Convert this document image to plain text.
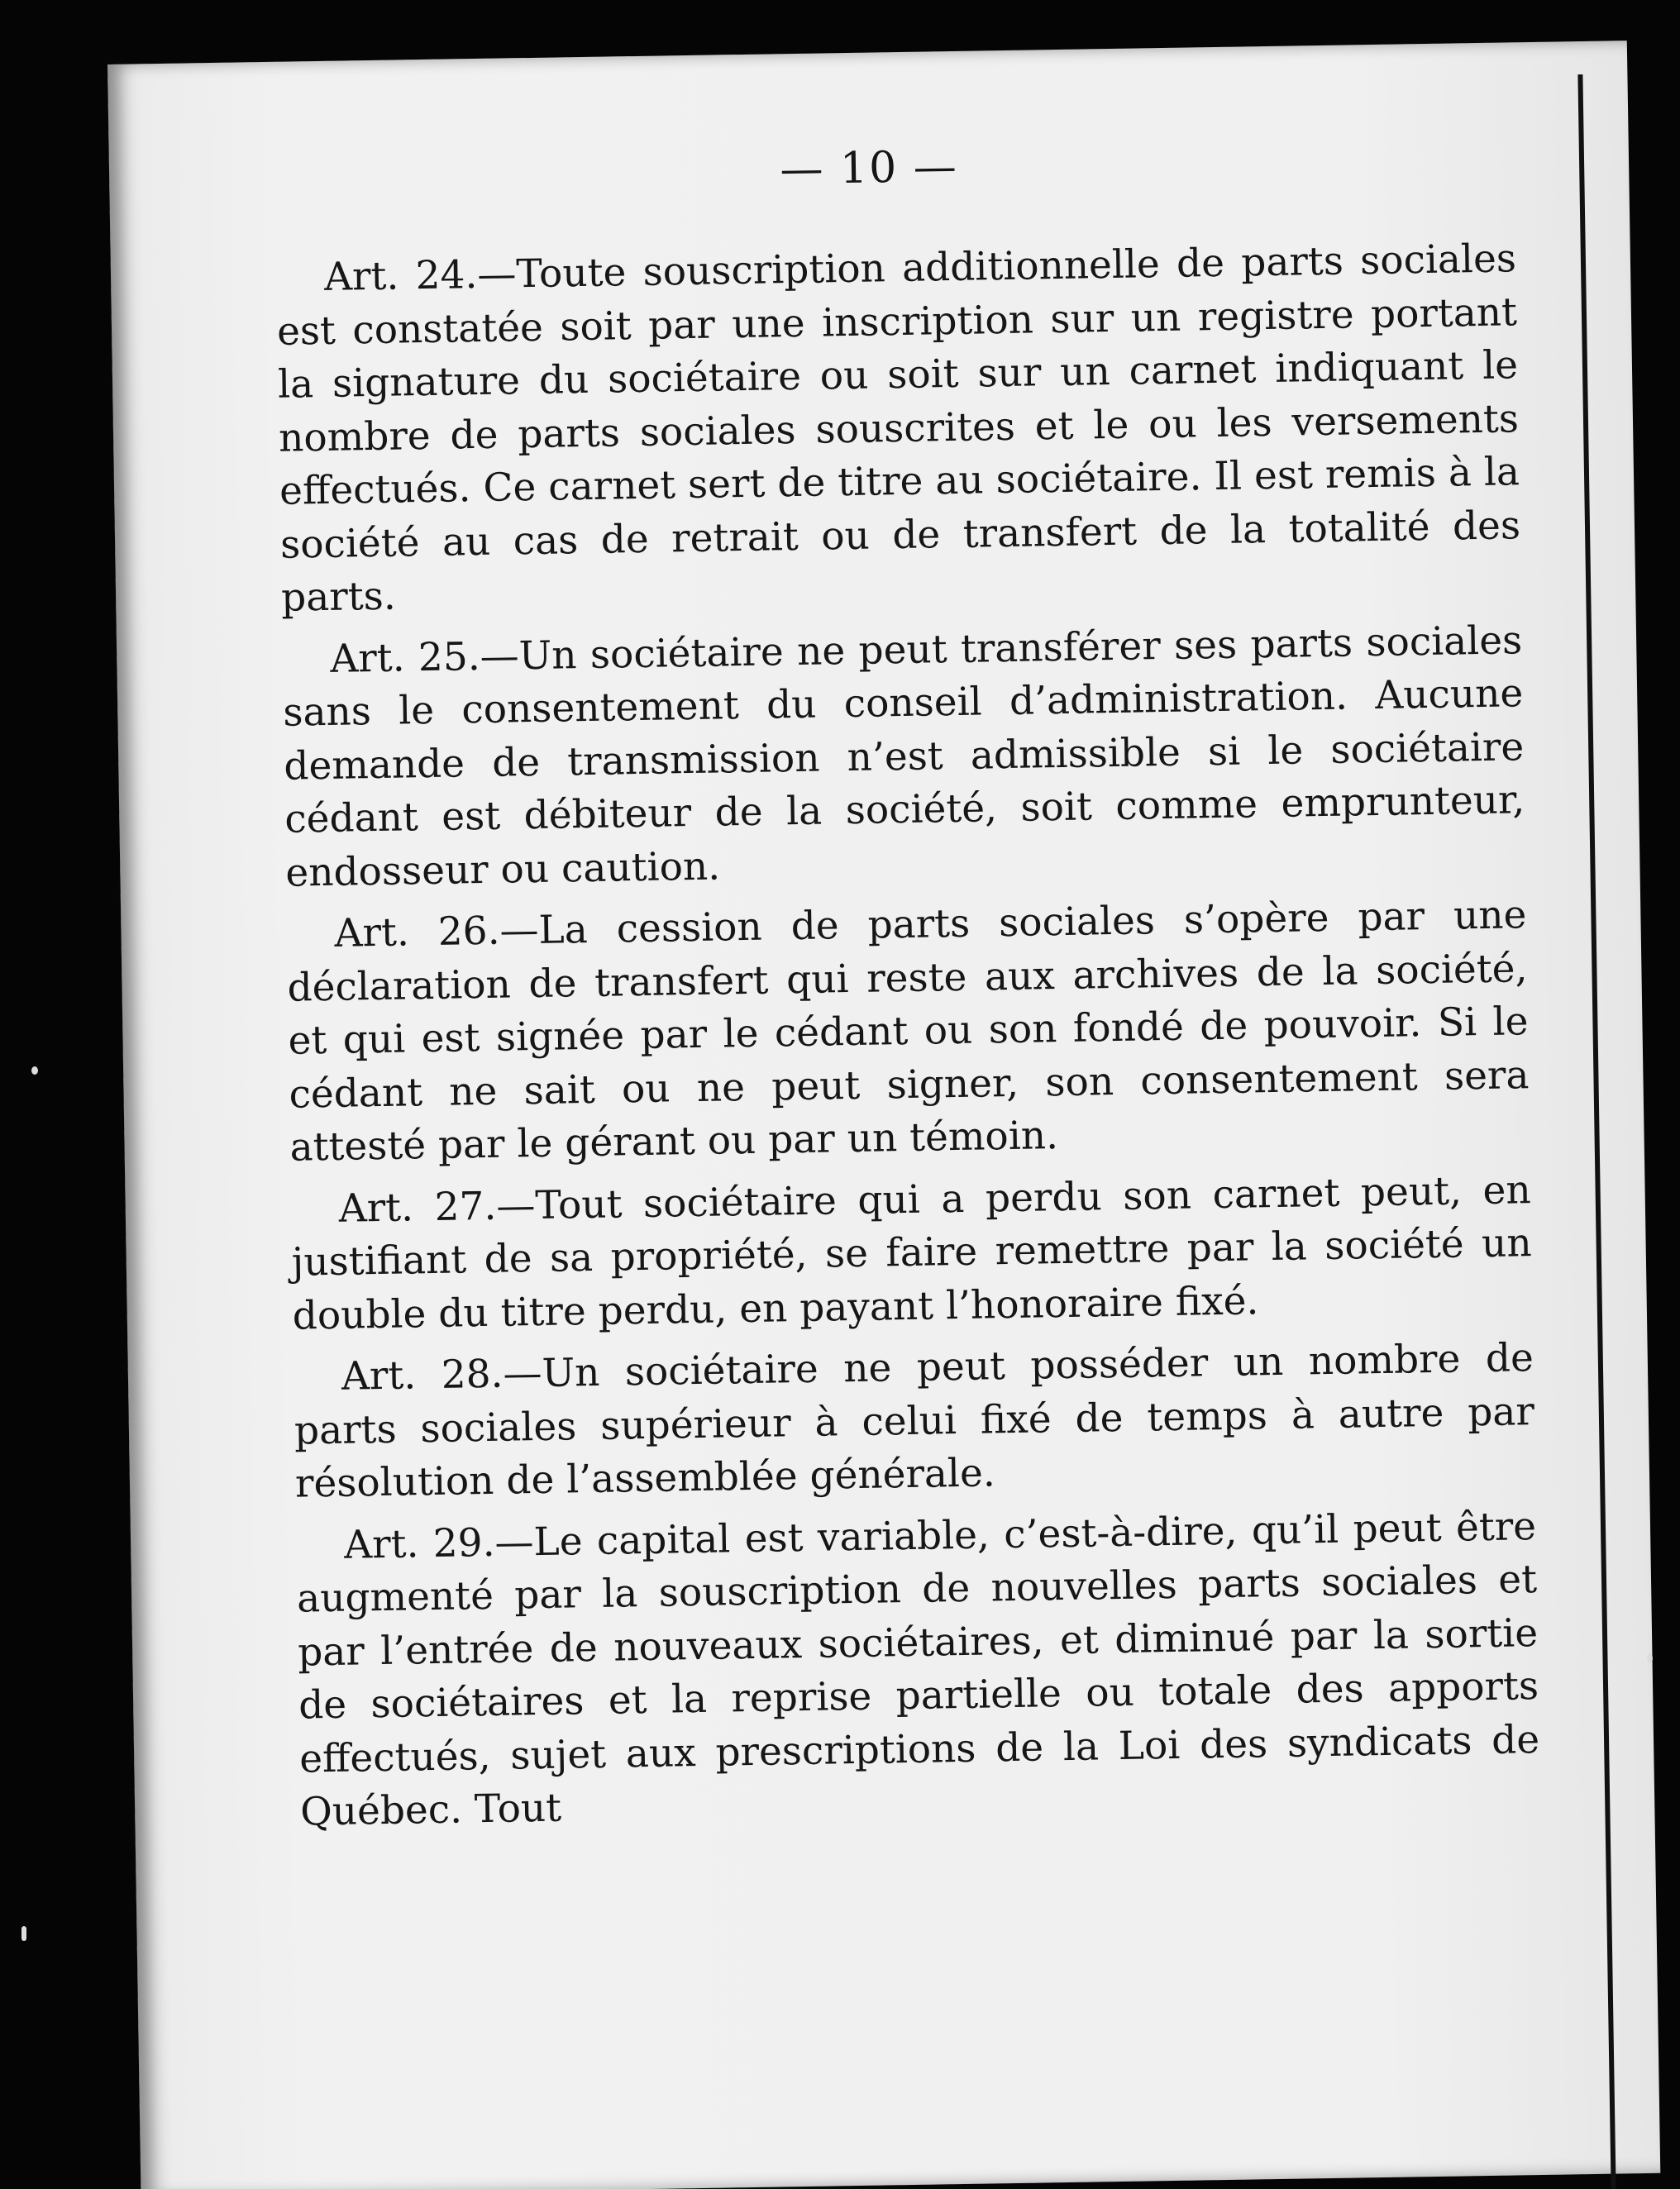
— 10 —

Art. 24.—Toute souscription additionnelle de parts sociales est constatée soit par une inscription sur un registre portant la signature du sociétaire ou soit sur un carnet indiquant le nombre de parts sociales souscrites et le ou les versements effectués. Ce carnet sert de titre au sociétaire. Il est remis à la société au cas de retrait ou de transfert de la totalité des parts.

Art. 25.—Un sociétaire ne peut transférer ses parts sociales sans le consentement du conseil d’administration. Aucune demande de transmission n’est admissible si le sociétaire cédant est débiteur de la société, soit comme emprunteur, endosseur ou caution.

Art. 26.—La cession de parts sociales s’opère par une déclaration de transfert qui reste aux archives de la société, et qui est signée par le cédant ou son fondé de pouvoir. Si le cédant ne sait ou ne peut signer, son consentement sera attesté par le gérant ou par un témoin.

Art. 27.—Tout sociétaire qui a perdu son carnet peut, en justifiant de sa propriété, se faire remettre par la société un double du titre perdu, en payant l’honoraire fixé.

Art. 28.—Un sociétaire ne peut posséder un nombre de parts sociales supérieur à celui fixé de temps à autre par résolution de l’assemblée générale.

Art. 29.—Le capital est variable, c’est-à-dire, qu’il peut être augmenté par la souscription de nouvelles parts sociales et par l’entrée de nouveaux sociétaires, et diminué par la sortie de sociétaires et la reprise partielle ou totale des apports effectués, sujet aux prescriptions de la Loi des syndicats de Québec. Tout
